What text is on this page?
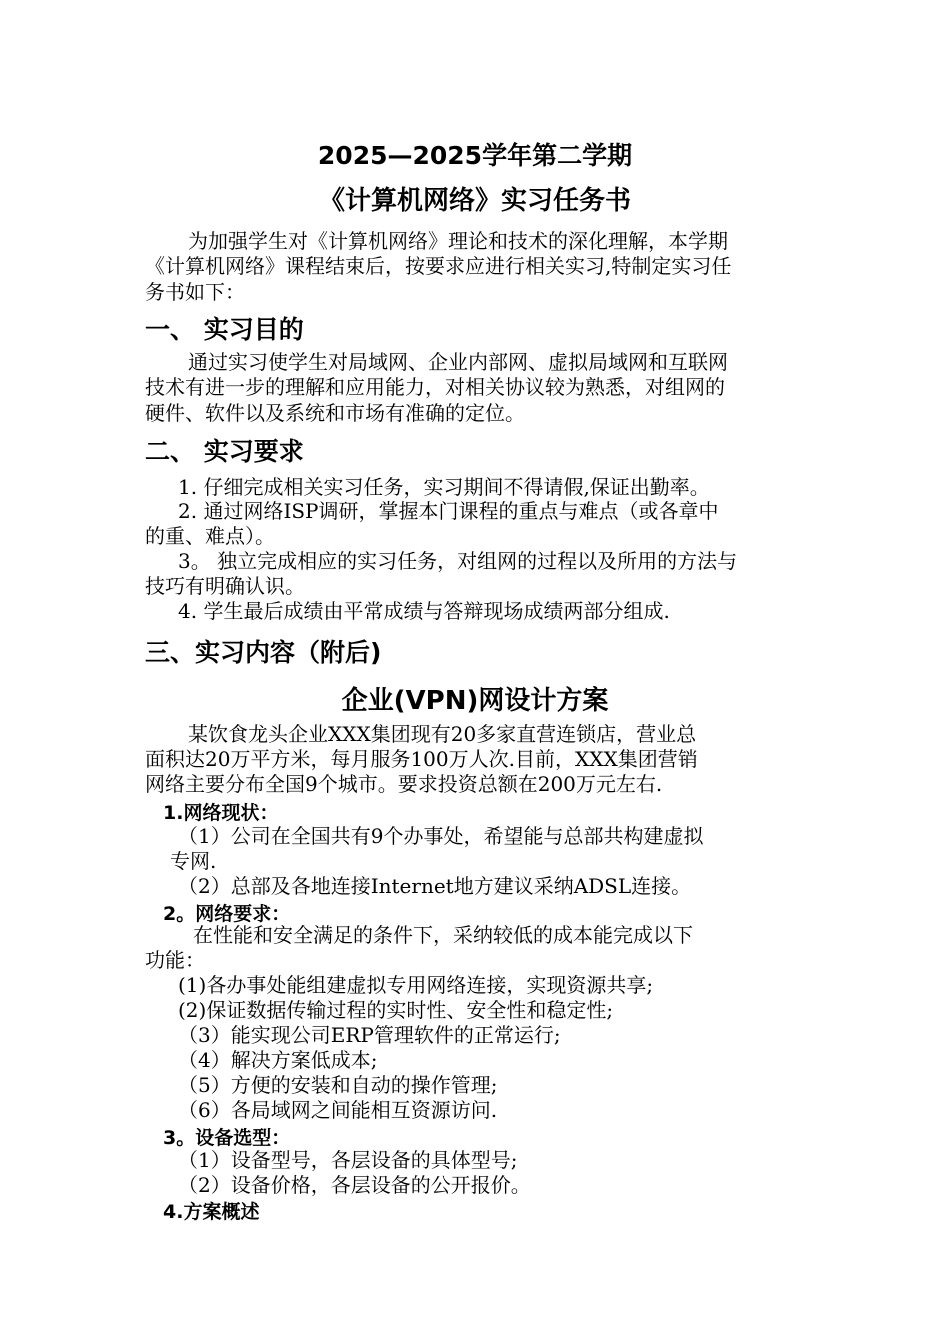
2025—2025学年第二学期
《计算机网络》实习任务书
为加强学生对《计算机网络》理论和技术的深化理解，本学期
《计算机网络》课程结束后，按要求应进行相关实习,特制定实习任
务书如下：
一、 实习目的
通过实习使学生对局域网、企业内部网、虚拟局域网和互联网
技术有进一步的理解和应用能力，对相关协议较为熟悉，对组网的
硬件、软件以及系统和市场有准确的定位。
二、 实习要求
1. 仔细完成相关实习任务，实习期间不得请假,保证出勤率。
2. 通过网络ISP调研，掌握本门课程的重点与难点（或各章中
的重、难点）。
3。 独立完成相应的实习任务，对组网的过程以及所用的方法与
技巧有明确认识。
4. 学生最后成绩由平常成绩与答辩现场成绩两部分组成.
三、实习内容（附后)
企业(VPN)网设计方案
某饮食龙头企业XXX集团现有20多家直营连锁店，营业总
面积达20万平方米，每月服务100万人次.目前，XXX集团营销
网络主要分布全国9个城市。要求投资总额在200万元左右.
1.网络现状：
（1）公司在全国共有9个办事处，希望能与总部共构建虚拟
专网.
（2）总部及各地连接Internet地方建议采纳ADSL连接。
2。网络要求：
在性能和安全满足的条件下，采纳较低的成本能完成以下
功能：
(1)各办事处能组建虚拟专用网络连接，实现资源共享;
(2)保证数据传输过程的实时性、安全性和稳定性;
（3）能实现公司ERP管理软件的正常运行;
（4）解决方案低成本;
（5）方便的安装和自动的操作管理;
（6）各局域网之间能相互资源访问.
3。设备选型：
（1）设备型号，各层设备的具体型号;
（2）设备价格，各层设备的公开报价。
4.方案概述
